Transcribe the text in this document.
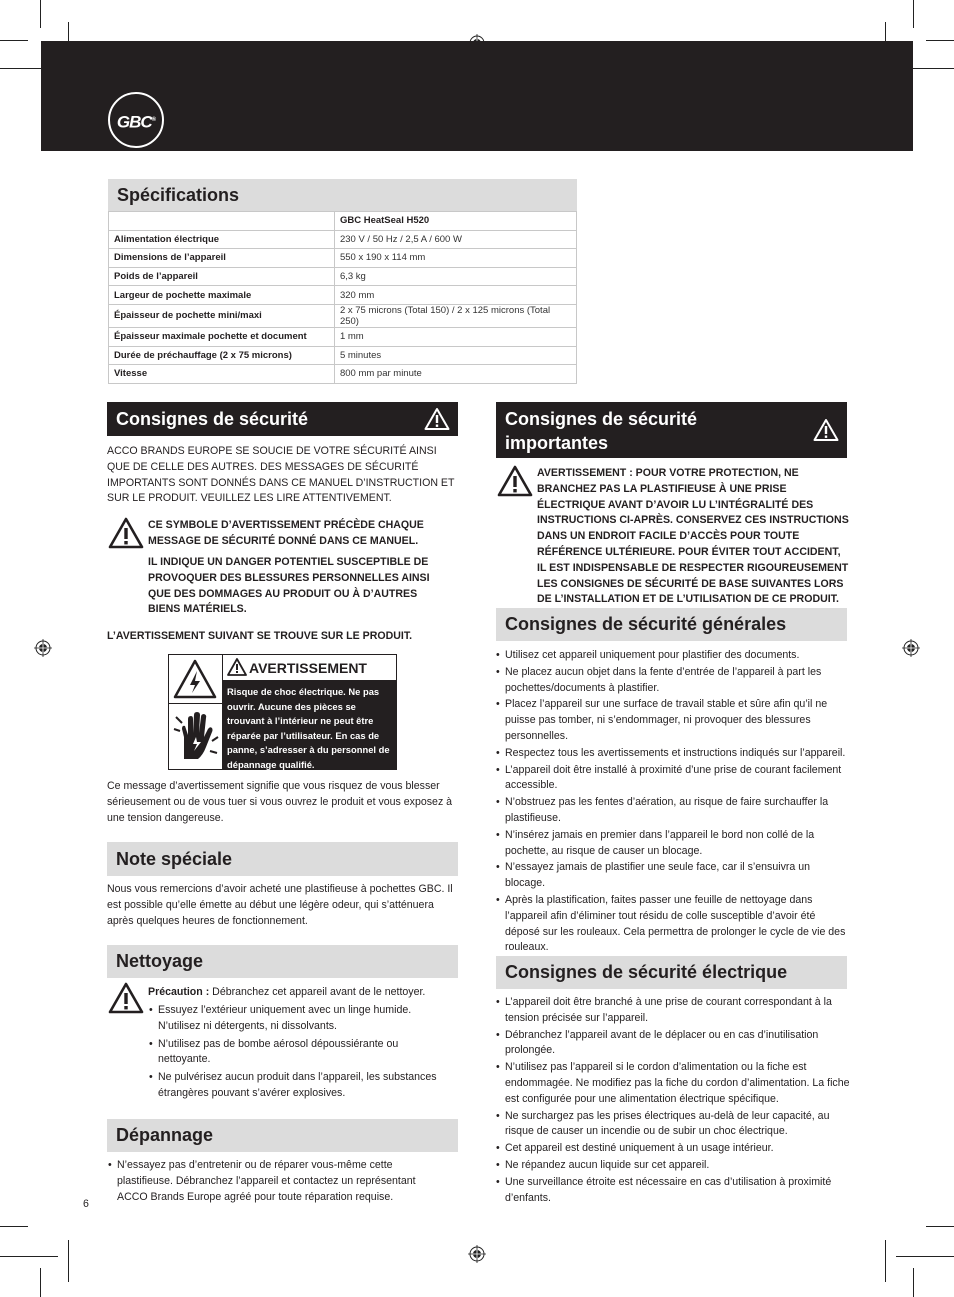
GBC®
Spécifications
	GBC HeatSeal H520
Alimentation électrique	230 V / 50 Hz / 2,5 A / 600 W
Dimensions de l’appareil	550 x 190 x 114 mm
Poids de l’appareil	6,3 kg
Largeur de pochette maximale	320 mm
Épaisseur de pochette mini/maxi	2 x 75 microns (Total 150) / 2 x 125 microns (Total 250)
Épaisseur maximale pochette et document	1 mm
Durée de préchauffage (2 x 75 microns)	5 minutes
Vitesse	800 mm par minute
Consignes de sécurité
ACCO BRANDS EUROPE SE SOUCIE DE VOTRE SÉCURITÉ AINSI QUE DE CELLE DES AUTRES. DES MESSAGES DE SÉCURITÉ IMPORTANTS SONT DONNÉS DANS CE MANUEL D’INSTRUCTION ET SUR LE PRODUIT. VEUILLEZ LES LIRE ATTENTIVEMENT.
CE SYMBOLE D’AVERTISSEMENT PRÉCÈDE CHAQUE MESSAGE DE SÉCURITÉ DONNÉ DANS CE MANUEL.
IL INDIQUE UN DANGER POTENTIEL SUSCEPTIBLE DE PROVOQUER DES BLESSURES PERSONNELLES AINSI QUE DES DOMMAGES AU PRODUIT OU À D’AUTRES BIENS MATÉRIELS.
L’AVERTISSEMENT SUIVANT SE TROUVE SUR LE PRODUIT.
AVERTISSEMENT
Risque de choc électrique. Ne pas ouvrir. Aucune des pièces se trouvant à l’intérieur ne peut être réparée par l’utilisateur. En cas de panne, s’adresser à du personnel de dépannage qualifié.
Ce message d’avertissement signifie que vous risquez de vous blesser sérieusement ou de vous tuer si vous ouvrez le produit et vous exposez à une tension dangereuse.
Note spéciale
Nous vous remercions d’avoir acheté une plastifieuse à pochettes GBC. Il est possible qu’elle émette au début une légère odeur, qui s’atténuera après quelques heures de fonctionnement.
Nettoyage
Précaution : Débranchez cet appareil avant de le nettoyer.
• Essuyez l’extérieur uniquement avec un linge humide. N’utilisez ni détergents, ni dissolvants.
• N’utilisez pas de bombe aérosol dépoussiérante ou nettoyante.
• Ne pulvérisez aucun produit dans l’appareil, les substances étrangères pouvant s’avérer explosives.
Dépannage
• N’essayez pas d’entretenir ou de réparer vous-même cette plastifieuse. Débranchez l’appareil et contactez un représentant ACCO Brands Europe agréé pour toute réparation requise.
6
Consignes de sécurité
importantes
AVERTISSEMENT : POUR VOTRE PROTECTION, NE BRANCHEZ PAS LA PLASTIFIEUSE À UNE PRISE ÉLECTRIQUE AVANT D’AVOIR LU L’INTÉGRALITÉ DES INSTRUCTIONS CI-APRÈS. CONSERVEZ CES INSTRUCTIONS DANS UN ENDROIT FACILE D’ACCÈS POUR TOUTE RÉFÉRENCE ULTÉRIEURE. POUR ÉVITER TOUT ACCIDENT, IL EST INDISPENSABLE DE RESPECTER RIGOUREUSEMENT LES CONSIGNES DE SÉCURITÉ DE BASE SUIVANTES LORS DE L’INSTALLATION ET DE L’UTILISATION DE CE PRODUIT.
Consignes de sécurité générales
• Utilisez cet appareil uniquement pour plastifier des documents.
• Ne placez aucun objet dans la fente d’entrée de l’appareil à part les pochettes/documents à plastifier.
• Placez l’appareil sur une surface de travail stable et sûre afin qu’il ne puisse pas tomber, ni s’endommager, ni provoquer des blessures personnelles.
• Respectez tous les avertissements et instructions indiqués sur l’appareil.
• L’appareil doit être installé à proximité d’une prise de courant facilement accessible.
• N’obstruez pas les fentes d’aération, au risque de faire surchauffer la plastifieuse.
• N’insérez jamais en premier dans l’appareil le bord non collé de la pochette, au risque de causer un blocage.
• N’essayez jamais de plastifier une seule face, car il s’ensuivra un blocage.
• Après la plastification, faites passer une feuille de nettoyage dans l’appareil afin d’éliminer tout résidu de colle susceptible d’avoir été déposé sur les rouleaux. Cela permettra de prolonger le cycle de vie des rouleaux.
Consignes de sécurité électrique
• L’appareil doit être branché à une prise de courant correspondant à la tension précisée sur l’appareil.
• Débranchez l’appareil avant de le déplacer ou en cas d’inutilisation prolongée.
• N’utilisez pas l’appareil si le cordon d’alimentation ou la fiche est endommagée. Ne modifiez pas la fiche du cordon d’alimentation. La fiche est configurée pour une alimentation électrique spécifique.
• Ne surchargez pas les prises électriques au-delà de leur capacité, au risque de causer un incendie ou de subir un choc électrique.
• Cet appareil est destiné uniquement à un usage intérieur.
• Ne répandez aucun liquide sur cet appareil.
• Une surveillance étroite est nécessaire en cas d’utilisation à proximité d’enfants.
